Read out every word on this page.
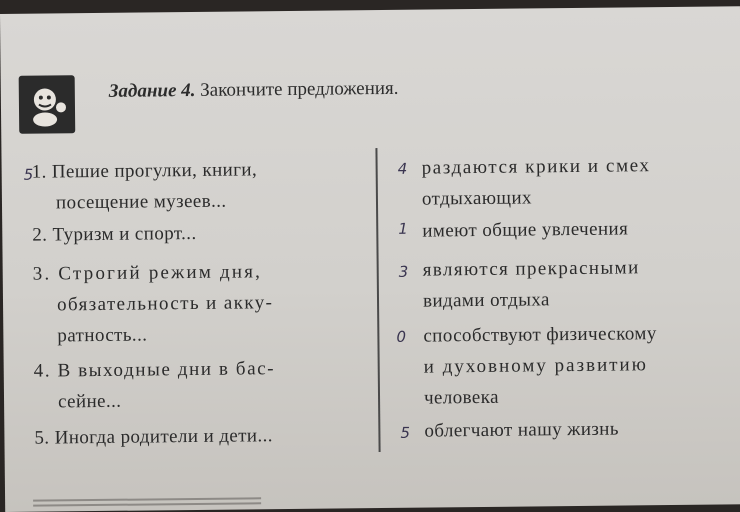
Задание 4. Закончите предложения.
5
1. Пешие прогулки, книги,
посещение музеев...
2. Туризм и спорт...
3. Строгий режим дня,
обязательность и акку-
ратность...
4. В выходные дни в бас-
сейне...
5. Иногда родители и дети...
4
1
3
0
5
раздаются крики и смех
отдыхающих
имеют общие увлечения
являются прекрасными
видами отдыха
способствуют физическому
и духовному развитию
человека
облегчают нашу жизнь
